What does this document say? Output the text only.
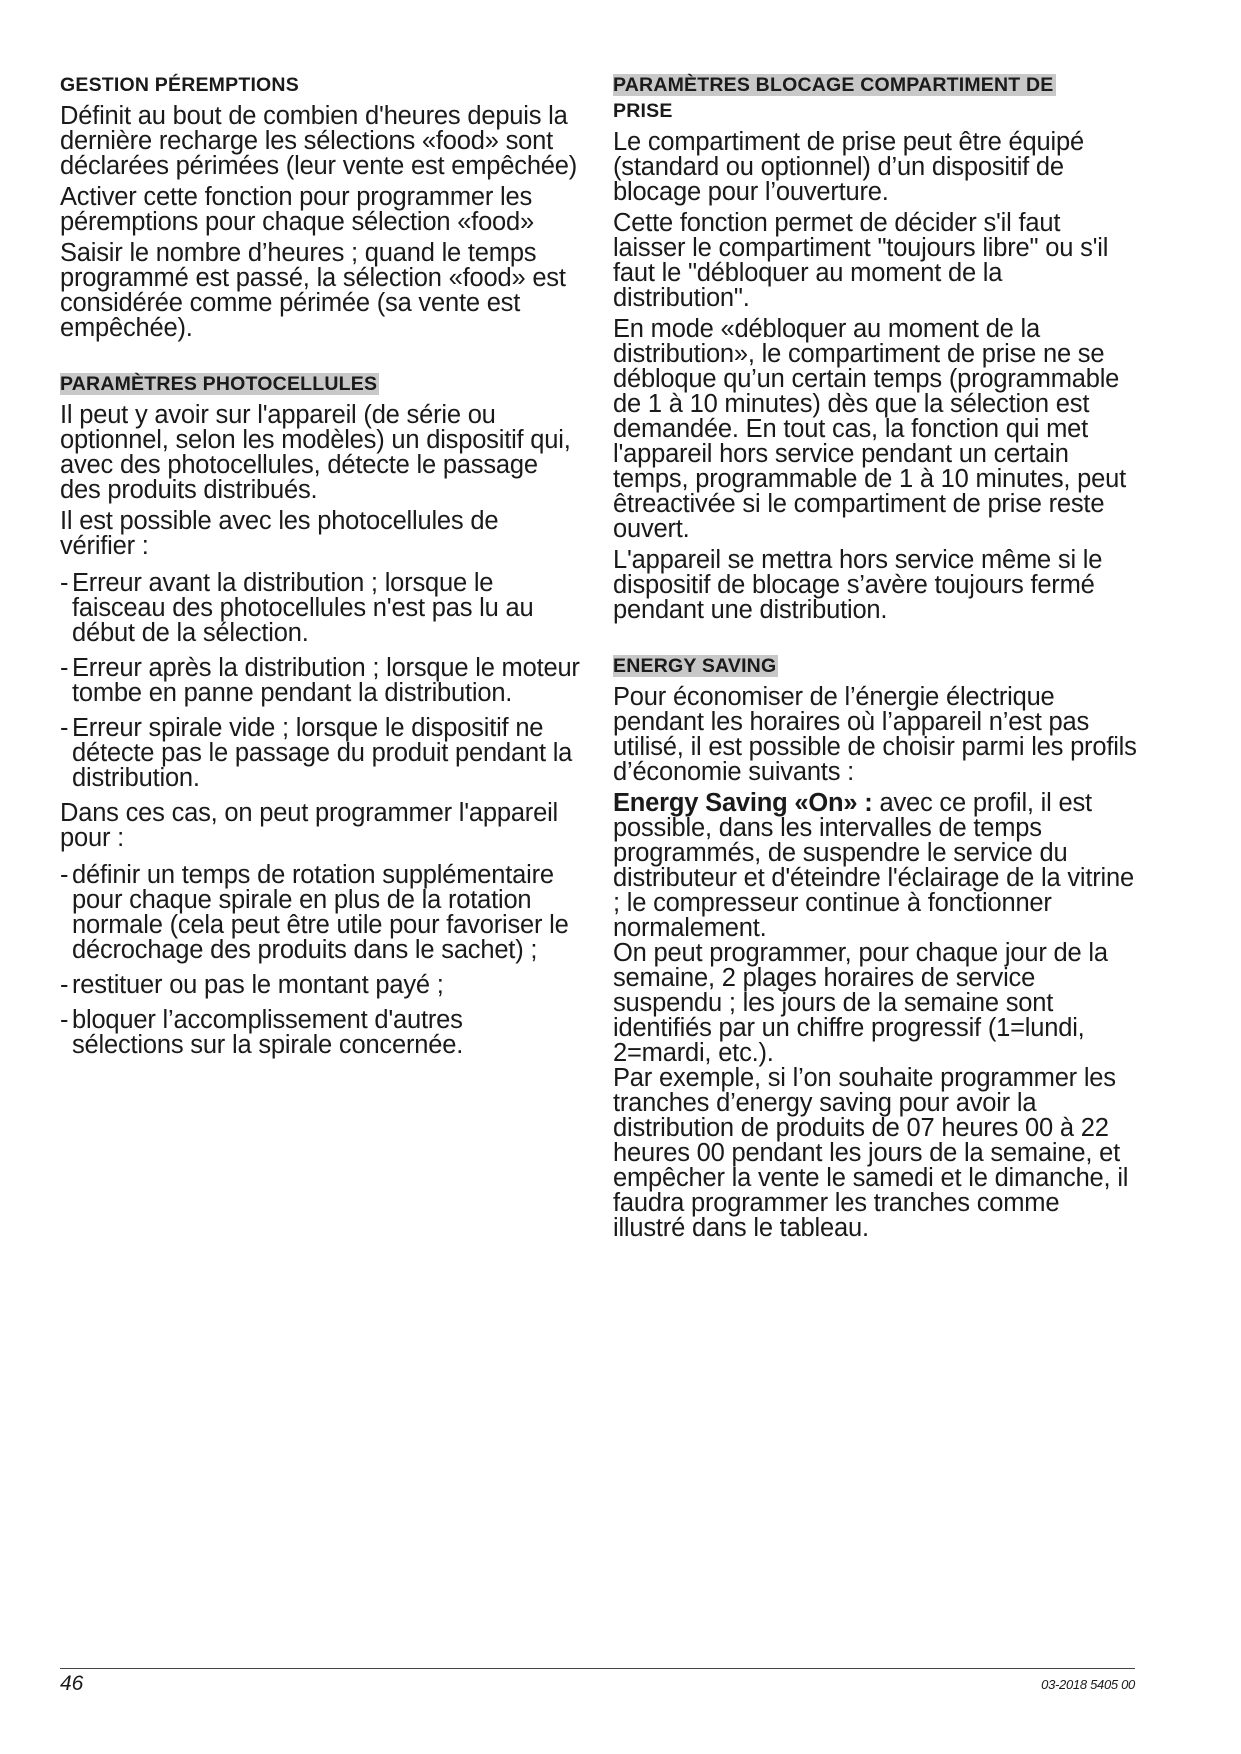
GESTION PÉREMPTIONS

Définit au bout de combien d'heures depuis la dernière recharge les sélections «food» sont déclarées périmées (leur vente est empêchée)

Activer cette fonction pour programmer les péremptions pour chaque sélection «food»

Saisir le nombre d’heures ; quand le temps programmé est passé, la sélection «food» est considérée comme périmée (sa vente est empêchée).

PARAMÈTRES PHOTOCELLULES

Il peut y avoir sur l'appareil (de série ou optionnel, selon les modèles) un dispositif qui, avec des photocellules, détecte le passage des produits distribués.

Il est possible avec les photocellules de vérifier :

- Erreur avant la distribution ; lorsque le faisceau des photocellules n'est pas lu au début de la sélection.
- Erreur après la distribution ; lorsque le moteur tombe en panne pendant la distribution.
- Erreur spirale vide ; lorsque le dispositif ne détecte pas le passage du produit pendant la distribution.

Dans ces cas, on peut programmer l'appareil pour :

- définir un temps de rotation supplémentaire pour chaque spirale en plus de la rotation normale (cela peut être utile pour favoriser le décrochage des produits dans le sachet) ;
- restituer ou pas le montant payé ;
- bloquer l’accomplissement d'autres sélections sur la spirale concernée.
PARAMÈTRES BLOCAGE COMPARTIMENT DE
PRISE

Le compartiment de prise peut être équipé (standard ou optionnel) d’un dispositif de blocage pour l’ouverture.

Cette fonction permet de décider s'il faut laisser le compartiment "toujours libre" ou s'il faut le "débloquer au moment de la distribution".

En mode «débloquer au moment de la distribution», le compartiment de prise ne se débloque qu’un certain temps (programmable de 1 à 10 minutes) dès que la sélection est demandée. En tout cas, la fonction qui met l'appareil hors service pendant un certain temps, programmable de 1 à 10 minutes, peut êtreactivée si le compartiment de prise reste ouvert.

L'appareil se mettra hors service même si le dispositif de blocage s’avère toujours fermé pendant une distribution.

ENERGY SAVING

Pour économiser de l’énergie électrique pendant les horaires où l’appareil n’est pas utilisé, il est possible de choisir parmi les profils d’économie suivants :

Energy Saving «On» : avec ce profil, il est possible, dans les intervalles de temps programmés, de suspendre le service du distributeur et d'éteindre l'éclairage de la vitrine ; le compresseur continue à fonctionner normalement.

On peut programmer, pour chaque jour de la semaine, 2 plages horaires de service suspendu ; les jours de la semaine sont identifiés par un chiffre progressif (1=lundi, 2=mardi, etc.).

Par exemple, si l’on souhaite programmer les tranches d’energy saving pour avoir la distribution de produits de 07 heures 00 à 22 heures 00 pendant les jours de la semaine, et empêcher la vente le samedi et le dimanche, il faudra programmer les tranches comme illustré dans le tableau.

46	03-2018 5405 00
